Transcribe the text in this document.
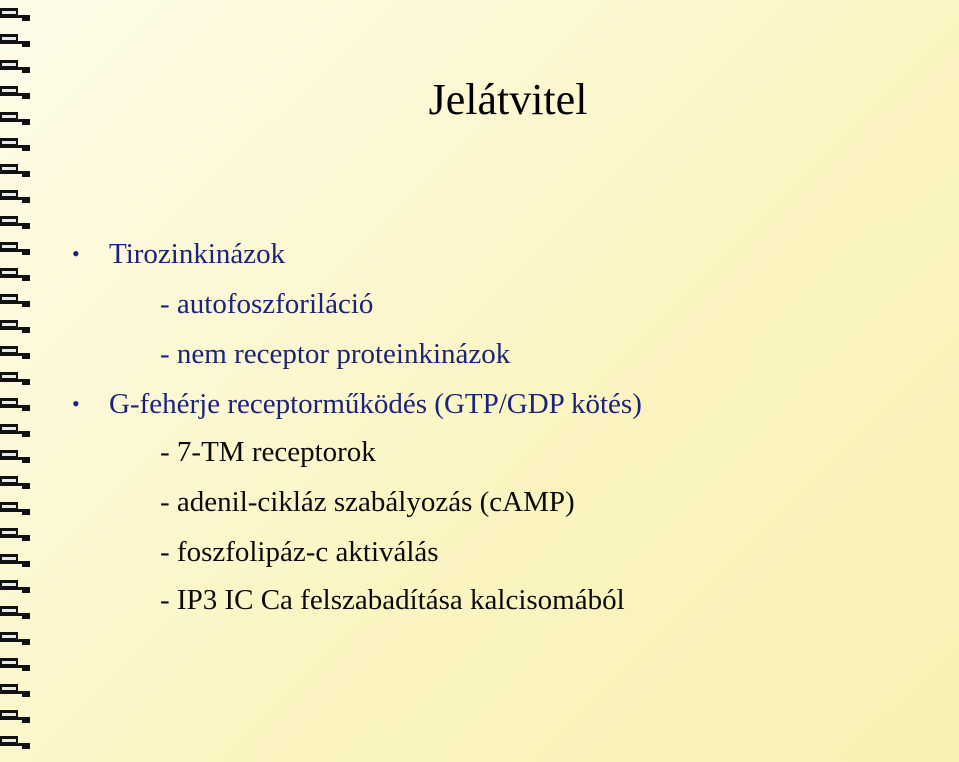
Jelátvitel
• Tirozinkinázok
- autofoszforiláció
- nem receptor proteinkinázok
• G-fehérje receptorműködés (GTP/GDP kötés)
- 7-TM receptorok
- adenil-cikláz szabályozás (cAMP)
- foszfolipáz-c aktiválás
- IP3 IC Ca felszabadítása kalcisomából
